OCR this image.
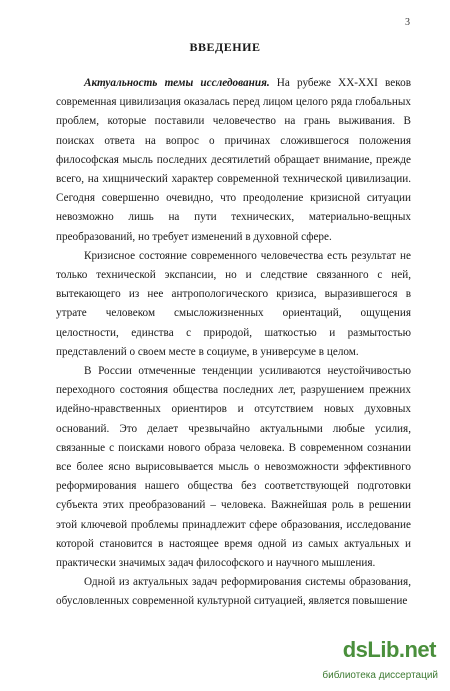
3
ВВЕДЕНИЕ

Актуальность темы исследования. На рубеже XX-XXI веков современная цивилизация оказалась перед лицом целого ряда глобальных проблем, которые поставили человечество на грань выживания. В поисках ответа на вопрос о причинах сложившегося положения философская мысль последних десятилетий обращает внимание, прежде всего, на хищнический характер современной технической цивилизации. Сегодня совершенно очевидно, что преодоление кризисной ситуации невозможно лишь на пути технических, материально-вещных преобразований, но требует изменений в духовной сфере.

Кризисное состояние современного человечества есть результат не только технической экспансии, но и следствие связанного с ней, вытекающего из нее антропологического кризиса, выразившегося в утрате человеком смысложизненных ориентаций, ощущения целостности, единства с природой, шаткостью и размытостью представлений о своем месте в социуме, в универсуме в целом.

В России отмеченные тенденции усиливаются неустойчивостью переходного состояния общества последних лет, разрушением прежних идейно-нравственных ориентиров и отсутствием новых духовных оснований. Это делает чрезвычайно актуальными любые усилия, связанные с поисками нового образа человека. В современном сознании все более ясно вырисовывается мысль о невозможности эффективного реформирования нашего общества без соответствующей подготовки субъекта этих преобразований – человека. Важнейшая роль в решении этой ключевой проблемы принадлежит сфере образования, исследование которой становится в настоящее время одной из самых актуальных и практически значимых задач философского и научного мышления.

Одной из актуальных задач реформирования системы образования, обусловленных современной культурной ситуацией, является повышение

dsLib.net
библиотека диссертаций
